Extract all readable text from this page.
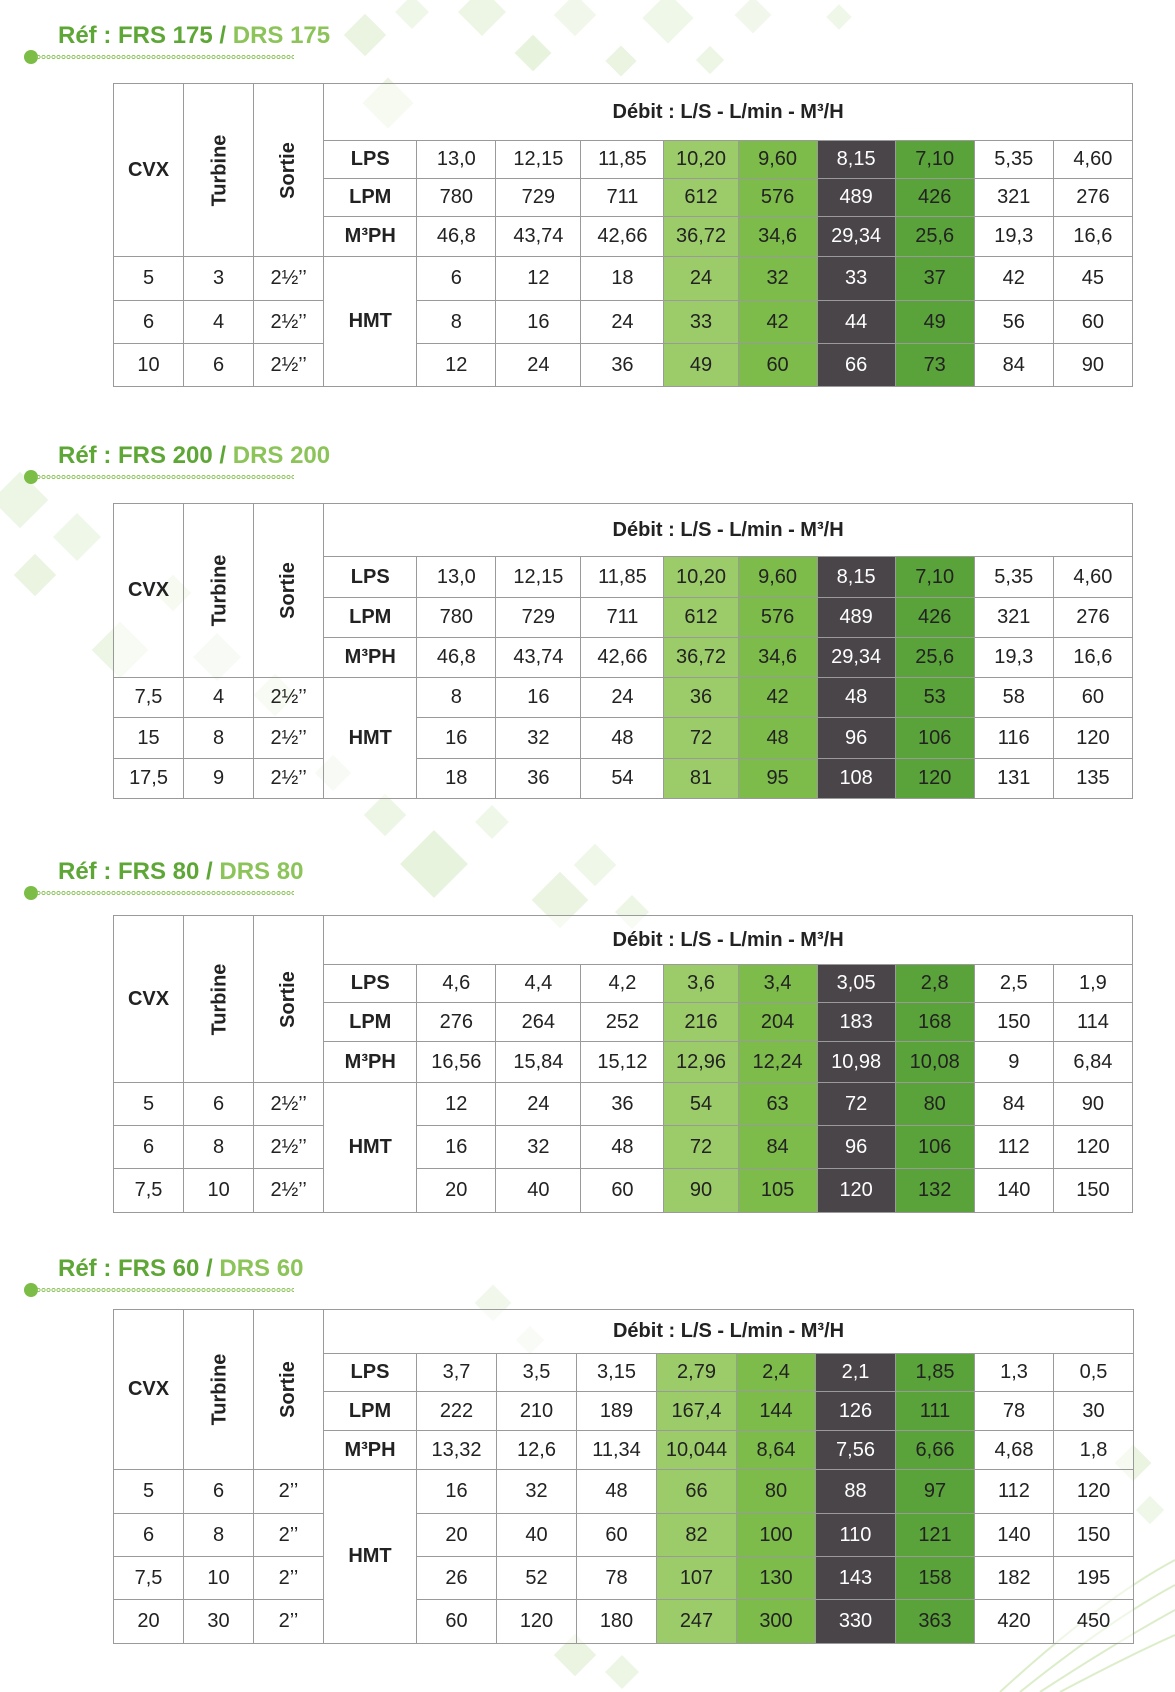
Réf : FRS 175 / DRS 175
CVX	Turbine	Sortie	Débit : L/S - L/min - M³/H									
			LPS	13,0	12,15	11,85	10,20	9,60	8,15	7,10	5,35	4,60
			LPM	780	729	711	612	576	489	426	321	276
			M³PH	46,8	43,74	42,66	36,72	34,6	29,34	25,6	19,3	16,6
5	3	2½’’	HMT	6	12	18	24	32	33	37	42	45
6	4	2½’’		8	16	24	33	42	44	49	56	60
10	6	2½’’		12	24	36	49	60	66	73	84	90
Réf : FRS 200 / DRS 200
CVX	Turbine	Sortie	Débit : L/S - L/min - M³/H									
			LPS	13,0	12,15	11,85	10,20	9,60	8,15	7,10	5,35	4,60
			LPM	780	729	711	612	576	489	426	321	276
			M³PH	46,8	43,74	42,66	36,72	34,6	29,34	25,6	19,3	16,6
7,5	4	2½’’	HMT	8	16	24	36	42	48	53	58	60
15	8	2½’’		16	32	48	72	48	96	106	116	120
17,5	9	2½’’		18	36	54	81	95	108	120	131	135
Réf : FRS 80 / DRS 80
CVX	Turbine	Sortie	Débit : L/S - L/min - M³/H									
			LPS	4,6	4,4	4,2	3,6	3,4	3,05	2,8	2,5	1,9
			LPM	276	264	252	216	204	183	168	150	114
			M³PH	16,56	15,84	15,12	12,96	12,24	10,98	10,08	9	6,84
5	6	2½’’	HMT	12	24	36	54	63	72	80	84	90
6	8	2½’’		16	32	48	72	84	96	106	112	120
7,5	10	2½’’		20	40	60	90	105	120	132	140	150
Réf : FRS 60 / DRS 60
CVX	Turbine	Sortie	Débit : L/S - L/min - M³/H									
			LPS	3,7	3,5	3,15	2,79	2,4	2,1	1,85	1,3	0,5
			LPM	222	210	189	167,4	144	126	111	78	30
			M³PH	13,32	12,6	11,34	10,044	8,64	7,56	6,66	4,68	1,8
5	6	2’’	HMT	16	32	48	66	80	88	97	112	120
6	8	2’’		20	40	60	82	100	110	121	140	150
7,5	10	2’’		26	52	78	107	130	143	158	182	195
20	30	2’’		60	120	180	247	300	330	363	420	450
